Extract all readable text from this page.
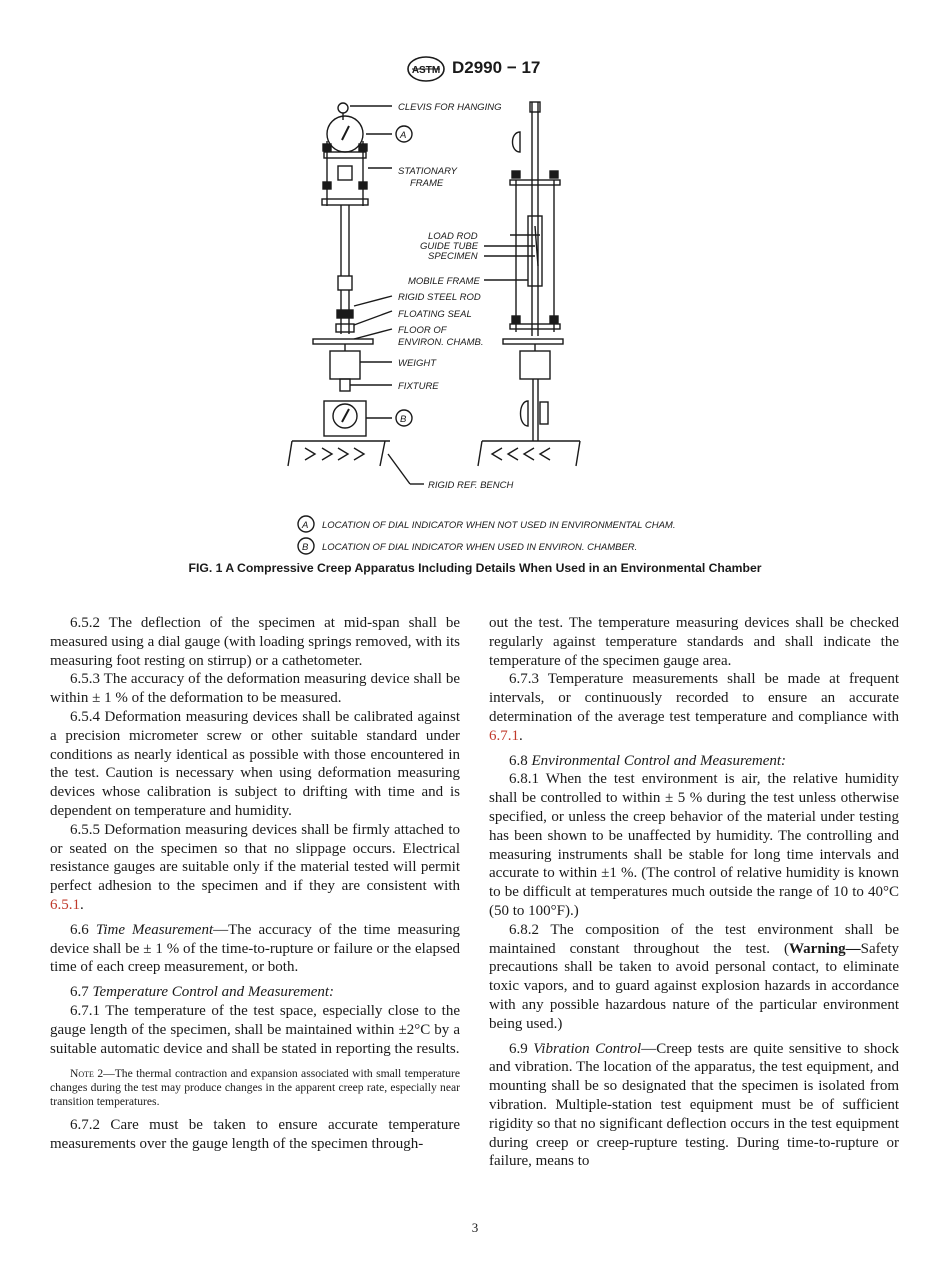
ASTM D2990 − 17
CLEVIS FOR HANGING
STATIONARY
FRAME
LOAD ROD
GUIDE TUBE
SPECIMEN
MOBILE FRAME
RIGID STEEL ROD
FLOATING SEAL
FLOOR OF
ENVIRON. CHAMB.
WEIGHT
FIXTURE
RIGID REF. BENCH
A
B
A
B
LOCATION OF DIAL INDICATOR WHEN NOT USED IN ENVIRONMENTAL CHAM.
LOCATION OF DIAL INDICATOR WHEN USED IN ENVIRON. CHAMBER.
FIG. 1 A Compressive Creep Apparatus Including Details When Used in an Environmental Chamber

6.5.2 The deflection of the specimen at mid-span shall be measured using a dial gauge (with loading springs removed, with its measuring foot resting on stirrup) or a cathetometer.

6.5.3 The accuracy of the deformation measuring device shall be within ± 1 % of the deformation to be measured.

6.5.4 Deformation measuring devices shall be calibrated against a precision micrometer screw or other suitable standard under conditions as nearly identical as possible with those encountered in the test. Caution is necessary when using deformation measuring devices whose calibration is subject to drifting with time and is dependent on temperature and humidity.

6.5.5 Deformation measuring devices shall be firmly attached to or seated on the specimen so that no slippage occurs. Electrical resistance gauges are suitable only if the material tested will permit perfect adhesion to the specimen and if they are consistent with 6.5.1.

6.6 Time Measurement—The accuracy of the time measuring device shall be ± 1 % of the time-to-rupture or failure or the elapsed time of each creep measurement, or both.

6.7 Temperature Control and Measurement:

6.7.1 The temperature of the test space, especially close to the gauge length of the specimen, shall be maintained within ±2°C by a suitable automatic device and shall be stated in reporting the results.

Note 2—The thermal contraction and expansion associated with small temperature changes during the test may produce changes in the apparent creep rate, especially near transition temperatures.

6.7.2 Care must be taken to ensure accurate temperature measurements over the gauge length of the specimen through-

out the test. The temperature measuring devices shall be checked regularly against temperature standards and shall indicate the temperature of the specimen gauge area.

6.7.3 Temperature measurements shall be made at frequent intervals, or continuously recorded to ensure an accurate determination of the average test temperature and compliance with 6.7.1.

6.8 Environmental Control and Measurement:

6.8.1 When the test environment is air, the relative humidity shall be controlled to within ± 5 % during the test unless otherwise specified, or unless the creep behavior of the material under testing has been shown to be unaffected by humidity. The controlling and measuring instruments shall be stable for long time intervals and accurate to within ±1 %. (The control of relative humidity is known to be difficult at temperatures much outside the range of 10 to 40°C (50 to 100°F).)

6.8.2 The composition of the test environment shall be maintained constant throughout the test. (Warning—Safety precautions shall be taken to avoid personal contact, to eliminate toxic vapors, and to guard against explosion hazards in accordance with any possible hazardous nature of the particular environment being used.)

6.9 Vibration Control—Creep tests are quite sensitive to shock and vibration. The location of the apparatus, the test equipment, and mounting shall be so designated that the specimen is isolated from vibration. Multiple-station test equipment must be of sufficient rigidity so that no significant deflection occurs in the test equipment during creep or creep-rupture testing. During time-to-rupture or failure, means to

3
